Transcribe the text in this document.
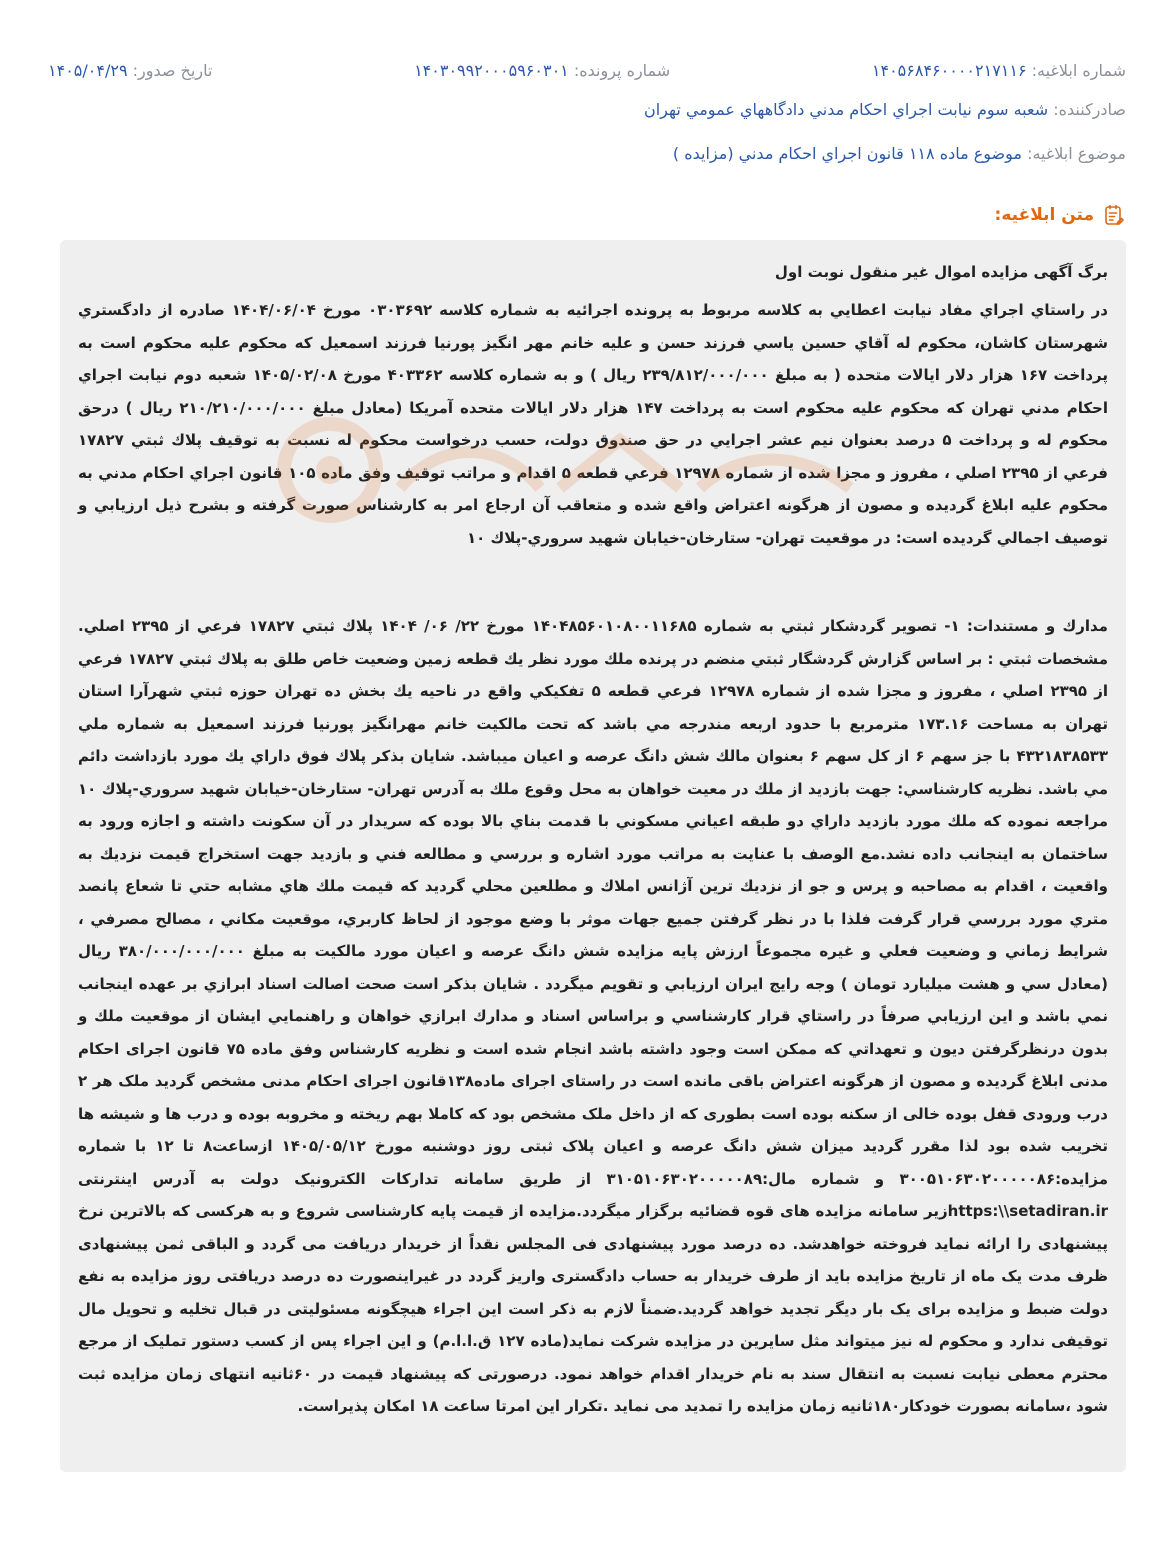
شماره ابلاغیه: ۱۴۰۵۶۸۴۶۰۰۰۰۲۱۷۱۱۶
شماره پرونده: ۱۴۰۳۰۹۹۲۰۰۰۵۹۶۰۳۰۱
تاریخ صدور: ۱۴۰۵/۰۴/۲۹
صادرکننده: شعبه سوم نيابت اجراي احكام مدني دادگاههاي عمومي تهران
موضوع ابلاغیه: موضوع ماده ۱۱۸ قانون اجراي احكام مدني (مزايده )
متن ابلاغیه:

برگ آگهی مزایده اموال غیر منقول نوبت اول

در راستاي اجراي مفاد نيابت اعطايي به كلاسه مربوط به پرونده اجرائيه به شماره كلاسه ۰۳۰۳۶۹۲ مورخ ۱۴۰۴/۰۶/۰۴ صادره از دادگستري شهرستان كاشان، محكوم له آقاي حسين ياسي فرزند حسن و عليه خانم مهر انگيز پورنيا فرزند اسمعيل كه محكوم عليه محكوم است به پرداخت ۱۶۷ هزار دلار ايالات متحده ( به مبلغ ۲۳۹/۸۱۲/۰۰۰/۰۰۰ ريال ) و به شماره كلاسه ۴۰۳۳۶۲ مورخ ۱۴۰۵/۰۲/۰۸ شعبه دوم نيابت اجراي احكام مدني تهران كه محكوم عليه محكوم است به پرداخت ۱۴۷ هزار دلار ايالات متحده آمريكا (معادل مبلغ ۲۱۰/۲۱۰/۰۰۰/۰۰۰ ريال ) درحق محكوم له و پرداخت ۵ درصد بعنوان نيم عشر اجرايي در حق صندوق دولت، حسب درخواست محكوم له نسبت به توقيف پلاك ثبتي ۱۷۸۲۷ فرعي از ۲۳۹۵ اصلي ، مفروز و مجزا شده از شماره ۱۲۹۷۸ فرعي قطعه ۵ اقدام و مراتب توقيف وفق ماده ۱۰۵ قانون اجراي احكام مدني به محكوم عليه ابلاغ گرديده و مصون از هرگونه اعتراض واقع شده و متعاقب آن ارجاع امر به كارشناس صورت گرفته و بشرح ذيل ارزيابي و توصيف اجمالي گرديده است: در موقعيت تهران- ستارخان-خيابان شهيد سروري-پلاك ۱۰

مدارك و مستندات: ۱- تصوير گردشكار ثبتي به شماره ۱۴۰۴۸۵۶۰۱۰۸۰۰۱۱۶۸۵ مورخ ۲۲/ ۰۶/ ۱۴۰۴ پلاك ثبتي ۱۷۸۲۷ فرعي از ۲۳۹۵ اصلي. مشخصات ثبتي : بر اساس گزارش گردشگار ثبتي منضم در پرنده ملك مورد نظر يك قطعه زمين وضعيت خاص طلق به پلاك ثبتي ۱۷۸۲۷ فرعي از ۲۳۹۵ اصلي ، مفروز و مجزا شده از شماره ۱۲۹۷۸ فرعي قطعه ۵ تفكيكي واقع در ناحيه يك بخش ده تهران حوزه ثبتي شهرآرا استان تهران به مساحت ۱۷۳.۱۶ مترمربع با حدود اربعه مندرجه مي باشد كه تحت مالكيت خانم مهرانگيز پورنيا فرزند اسمعيل به شماره ملي ۴۳۲۱۸۳۸۵۳۳ با جز سهم ۶ از كل سهم ۶ بعنوان مالك شش دانگ عرصه و اعيان ميباشد. شايان بذكر پلاك فوق داراي يك مورد بازداشت دائم مي باشد. نظريه كارشناسي: جهت بازديد از ملك در معيت خواهان به محل وقوع ملك به آدرس تهران- ستارخان-خيابان شهيد سروري-پلاك ۱۰ مراجعه نموده كه ملك مورد بازديد داراي دو طبقه اعياني مسكوني با قدمت بناي بالا بوده كه سريدار در آن سكونت داشته و اجازه ورود به ساختمان به اينجانب داده نشد.مع الوصف با عنايت به مراتب مورد اشاره و بررسي و مطالعه فني و بازديد جهت استخراج قيمت نزديك به واقعيت ، اقدام به مصاحبه و پرس و جو از نزديك ترين آژانس املاك و مطلعين محلي گرديد كه قيمت ملك هاي مشابه حتي تا شعاع پانصد متري مورد بررسي قرار گرفت فلذا با در نظر گرفتن جميع جهات موثر با وضع موجود از لحاظ كاربري، موقعيت مكاني ، مصالح مصرفي ، شرايط زماني و وضعيت فعلي و غيره مجموعاً ارزش پايه مزايده شش دانگ عرصه و اعيان مورد مالكيت به مبلغ ۳۸۰/۰۰۰/۰۰۰/۰۰۰ ريال (معادل سي و هشت ميليارد تومان ) وجه رايج ايران ارزيابي و تقويم ميگردد . شايان بذكر است صحت اصالت اسناد ابرازي بر عهده اينجانب نمي باشد و اين ارزيابي صرفاً در راستاي قرار كارشناسي و براساس اسناد و مدارك ابرازي خواهان و راهنمايي ايشان از موقعيت ملك و بدون درنظرگرفتن ديون و تعهداتي كه ممكن است وجود داشته باشد انجام شده است و نظریه کارشناس وفق ماده ۷۵ قانون اجرای احکام مدنی ابلاغ گردیده و مصون از هرگونه اعتراض باقی مانده است در راستای اجرای ماده۱۳۸قانون اجرای احکام مدنی مشخص گردید ملک هر ۲ درب ورودی قفل بوده خالی از سکنه بوده است بطوری که از داخل ملک مشخص بود که کاملا بهم ریخته و مخروبه بوده و درب ها و شیشه ها تخریب شده بود لذا مقرر گردید میزان شش دانگ عرصه و اعیان پلاک ثبتی روز دوشنبه مورخ ۱۴۰۵/۰۵/۱۲ ازساعت۸ تا ۱۲ با شماره مزایده:۳۰۰۵۱۰۶۳۰۲۰۰۰۰۰۸۶ و شماره مال:۳۱۰۵۱۰۶۳۰۲۰۰۰۰۰۸۹ از طریق سامانه تدارکات الکترونیک دولت به آدرس اینترنتی https:\\setadiran.irزیر سامانه مزایده های قوه قضائیه برگزار میگردد.مزایده از قیمت پایه کارشناسی شروع و به هرکسی که بالاترین نرخ پیشنهادی را ارائه نماید فروخته خواهدشد. ده درصد مورد پیشنهادی فی المجلس نقداً از خریدار دریافت می گردد و الباقی ثمن پیشنهادی ظرف مدت یک ماه از تاریخ مزایده باید از طرف خریدار به حساب دادگستری واریز گردد در غیراینصورت ده درصد دریافتی روز مزایده به نفع دولت ضبط و مزایده برای یک بار دیگر تجدید خواهد گردید.ضمناً لازم به ذکر است این اجراء هیچگونه مسئولیتی در قبال تخلیه و تحویل مال توقیفی ندارد و محکوم له نیز میتواند مثل سایرین در مزایده شرکت نماید(ماده ۱۲۷ ق.ا.ا.م) و این اجراء پس از کسب دستور تملیک از مرجع محترم معطی نیابت نسبت به انتقال سند به نام خریدار اقدام خواهد نمود. درصورتی که پیشنهاد قیمت در ۶۰ثانیه انتهای زمان مزایده ثبت شود ،سامانه بصورت خودکار۱۸۰ثانیه زمان مزایده را تمدید می نماید .تکرار این امرتا ساعت ۱۸ امکان پذیراست.
